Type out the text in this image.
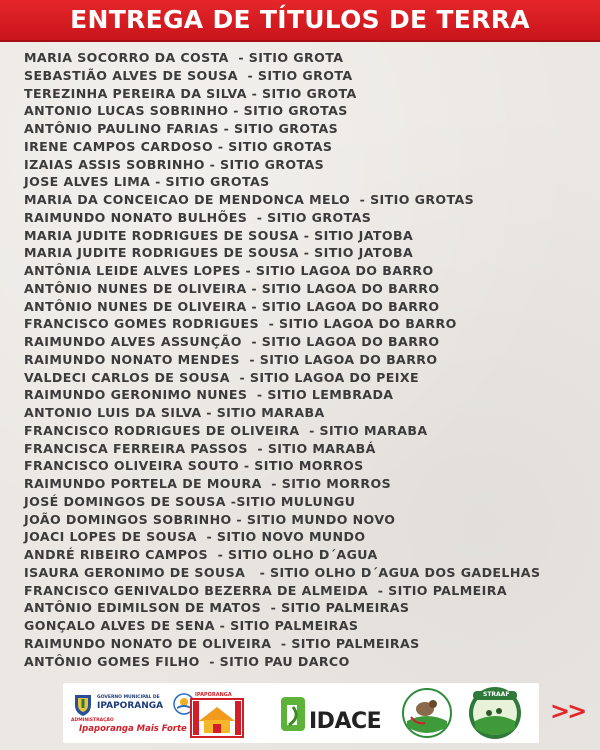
ENTREGA DE TÍTULOS DE TERRA
MARIA SOCORRO DA COSTA  - SITIO GROTA
SEBASTIÃO ALVES DE SOUSA  - SITIO GROTA
TEREZINHA PEREIRA DA SILVA - SITIO GROTA
ANTONIO LUCAS SOBRINHO - SITIO GROTAS
ANTÔNIO PAULINO FARIAS - SITIO GROTAS
IRENE CAMPOS CARDOSO - SITIO GROTAS
IZAIAS ASSIS SOBRINHO - SITIO GROTAS
JOSE ALVES LIMA - SITIO GROTAS
MARIA DA CONCEICAO DE MENDONCA MELO  - SITIO GROTAS
RAIMUNDO NONATO BULHÕES  - SITIO GROTAS
MARIA JUDITE RODRIGUES DE SOUSA - SITIO JATOBA
MARIA JUDITE RODRIGUES DE SOUSA - SITIO JATOBA
ANTÔNIA LEIDE ALVES LOPES - SITIO LAGOA DO BARRO
ANTÔNIO NUNES DE OLIVEIRA - SITIO LAGOA DO BARRO
ANTÔNIO NUNES DE OLIVEIRA - SITIO LAGOA DO BARRO
FRANCISCO GOMES RODRIGUES  - SITIO LAGOA DO BARRO
RAIMUNDO ALVES ASSUNÇÃO  - SITIO LAGOA DO BARRO
RAIMUNDO NONATO MENDES  - SITIO LAGOA DO BARRO
VALDECI CARLOS DE SOUSA  - SITIO LAGOA DO PEIXE
RAIMUNDO GERONIMO NUNES  - SITIO LEMBRADA
ANTONIO LUIS DA SILVA - SITIO MARABA
FRANCISCO RODRIGUES DE OLIVEIRA  - SITIO MARABA
FRANCISCA FERREIRA PASSOS  - SITIO MARABÁ
FRANCISCO OLIVEIRA SOUTO - SITIO MORROS
RAIMUNDO PORTELA DE MOURA  - SITIO MORROS
JOSÉ DOMINGOS DE SOUSA -SITIO MULUNGU
JOÃO DOMINGOS SOBRINHO - SITIO MUNDO NOVO
JOACI LOPES DE SOUSA  - SITIO NOVO MUNDO
ANDRÉ RIBEIRO CAMPOS  - SITIO OLHO D´AGUA
ISAURA GERONIMO DE SOUSA   - SITIO OLHO D´AGUA DOS GADELHAS
FRANCISCO GENIVALDO BEZERRA DE ALMEIDA  - SITIO PALMEIRA
ANTÔNIO EDIMILSON DE MATOS  - SITIO PALMEIRAS
GONÇALO ALVES DE SENA - SITIO PALMEIRAS
RAIMUNDO NONATO DE OLIVEIRA  - SITIO PALMEIRAS
ANTÔNIO GOMES FILHO  - SITIO PAU DARCO
GOVERNO MUNICIPAL DE
IPAPORANGA
ADMINISTRAÇÃO
Ipaporanga Mais Forte
IPAPORANGA
IDACE
STRAAF
>>
